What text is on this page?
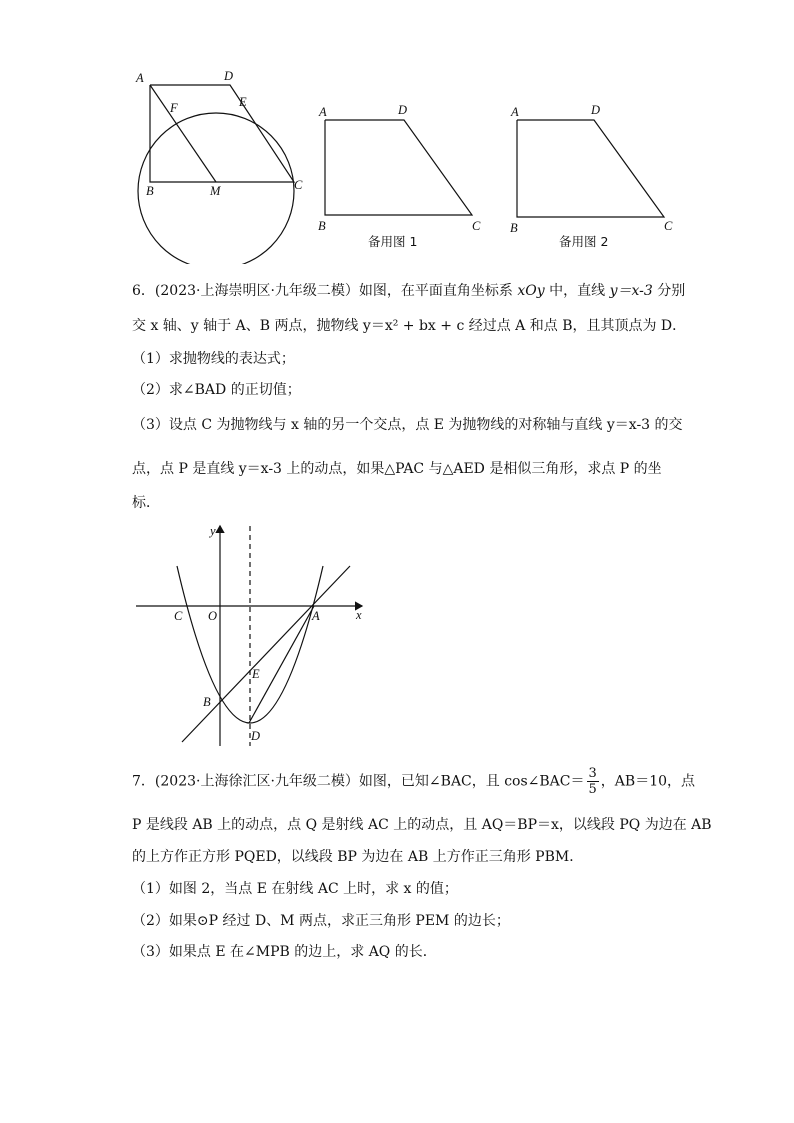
A	D
F	E
B	M	C
A	D
B	C
备用图 1
A	D
B	C
备用图 2
6．(2023·上海崇明区·九年级二模）如图，在平面直角坐标系 xOy 中，直线 y＝x-3 分别
交 x 轴、y 轴于 A、B 两点，抛物线 y＝x² + bx + c 经过点 A 和点 B，且其顶点为 D．
（1）求抛物线的表达式；
（2）求∠BAD 的正切值；
（3）设点 C 为抛物线与 x 轴的另一个交点，点 E 为抛物线的对称轴与直线 y＝x-3 的交
点，点 P 是直线 y＝x-3 上的动点，如果△PAC 与△AED 是相似三角形，求点 P 的坐
标．
y
x
O
C	A
E
B
D
7．(2023·上海徐汇区·九年级二模）如图，已知∠BAC，且 cos∠BAC＝ $\frac{3}{5}$ ，AB＝10，点
P 是线段 AB 上的动点，点 Q 是射线 AC 上的动点，且 AQ＝BP＝x，以线段 PQ 为边在 AB
的上方作正方形 PQED，以线段 BP 为边在 AB 上方作正三角形 PBM．
（1）如图 2，当点 E 在射线 AC 上时，求 x 的值；
（2）如果⊙P 经过 D、M 两点，求正三角形 PEM 的边长；
（3）如果点 E 在∠MPB 的边上，求 AQ 的长．
